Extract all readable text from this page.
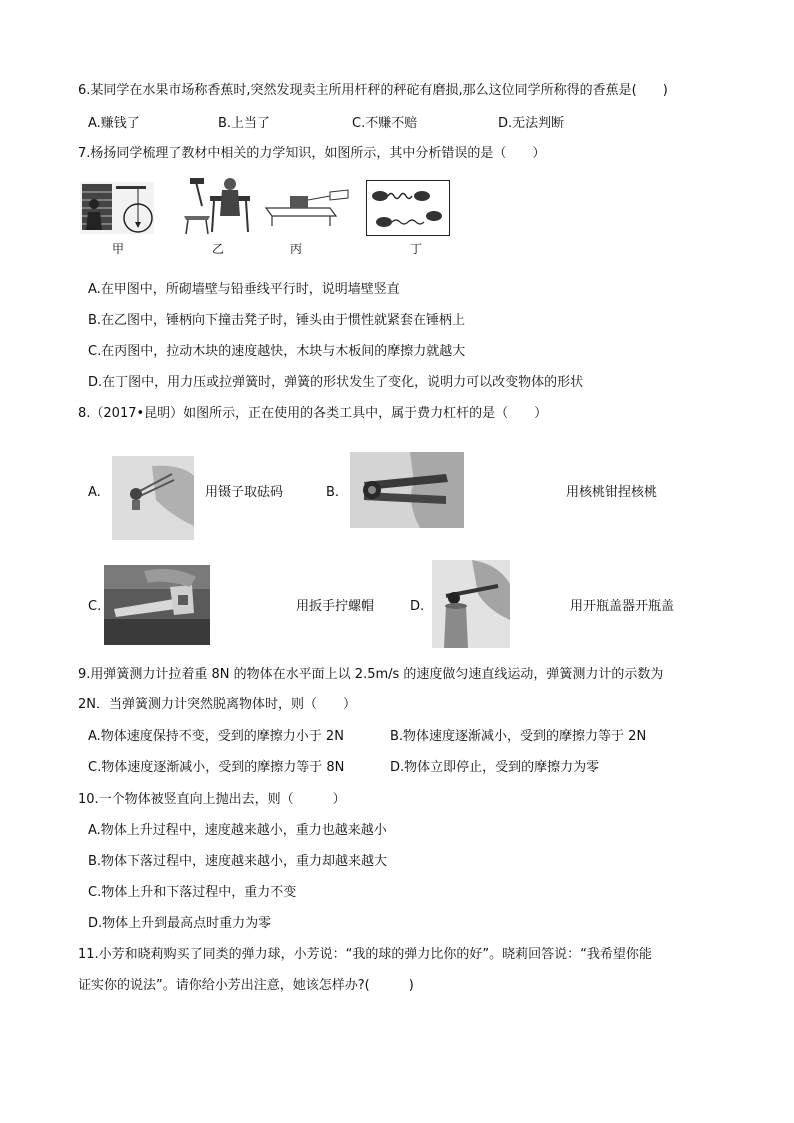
6.某同学在水果市场称香蕉时,突然发现卖主所用杆秤的秤砣有磨损,那么这位同学所称得的香蕉是(　　)
A.赚钱了	B.上当了	C.不赚不赔	D.无法判断
7.杨扬同学梳理了教材中相关的力学知识，如图所示，其中分析错误的是（　　）
甲	乙	丙	丁
A.在甲图中，所砌墙壁与铅垂线平行时，说明墙壁竖直
B.在乙图中，锤柄向下撞击凳子时，锤头由于惯性就紧套在锤柄上
C.在丙图中，拉动木块的速度越快，木块与木板间的摩擦力就越大
D.在丁图中，用力压或拉弹簧时，弹簧的形状发生了变化，说明力可以改变物体的形状
8.（2017•昆明）如图所示，正在使用的各类工具中，属于费力杠杆的是（　　）
A.	用镊子取砝码	B.	用核桃钳捏核桃
C.	用扳手拧螺帽	D.	用开瓶盖器开瓶盖
9.用弹簧测力计拉着重 8N 的物体在水平面上以 2.5m/s 的速度做匀速直线运动，弹簧测力计的示数为
2N．当弹簧测力计突然脱离物体时，则（　　）
A.物体速度保持不变，受到的摩擦力小于 2N	B.物体速度逐渐减小，受到的摩擦力等于 2N
C.物体速度逐渐减小，受到的摩擦力等于 8N	D.物体立即停止，受到的摩擦力为零
10.一个物体被竖直向上抛出去，则（　　　）
A.物体上升过程中，速度越来越小，重力也越来越小
B.物体下落过程中，速度越来越小，重力却越来越大
C.物体上升和下落过程中，重力不变
D.物体上升到最高点时重力为零
11.小芳和晓莉购买了同类的弹力球，小芳说：“我的球的弹力比你的好”。晓莉回答说：“我希望你能
证实你的说法”。请你给小芳出注意，她该怎样办?(　　　)
